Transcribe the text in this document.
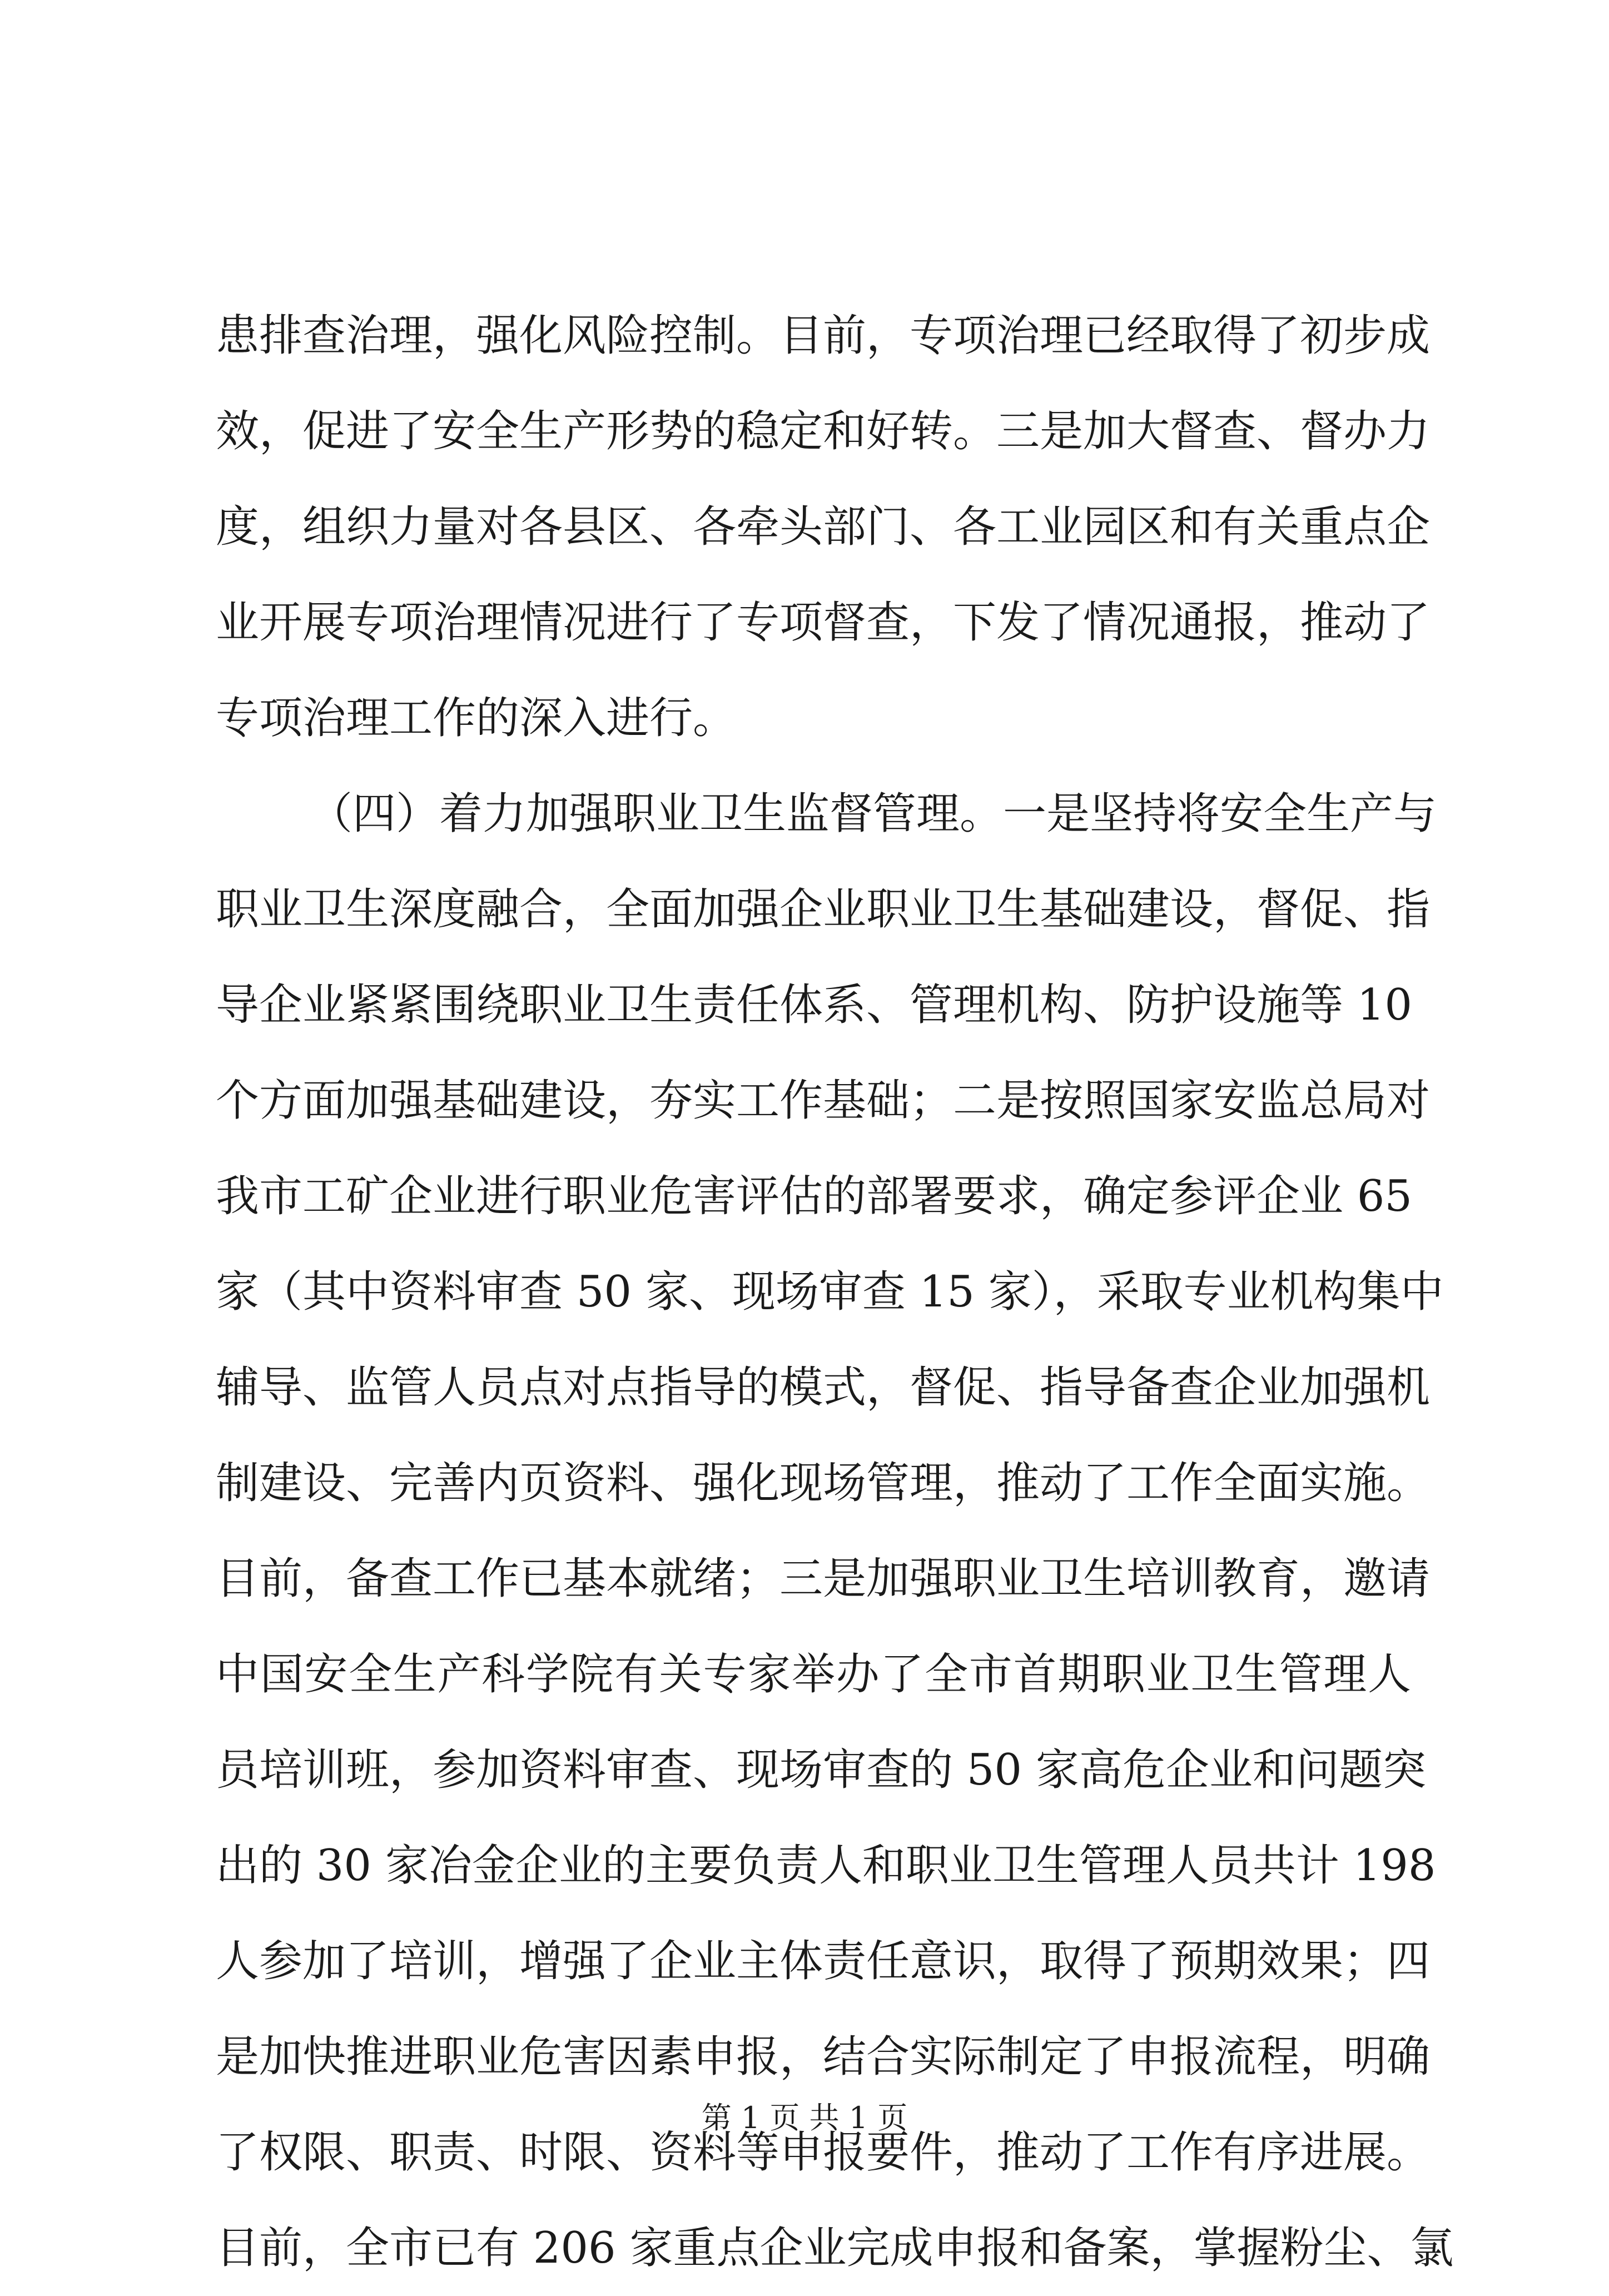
患排查治理，强化风险控制。目前，专项治理已经取得了初步成
效，促进了安全生产形势的稳定和好转。三是加大督查、督办力
度，组织力量对各县区、各牵头部门、各工业园区和有关重点企
业开展专项治理情况进行了专项督查，下发了情况通报，推动了
专项治理工作的深入进行。
（四）着力加强职业卫生监督管理。一是坚持将安全生产与
职业卫生深度融合，全面加强企业职业卫生基础建设，督促、指
导企业紧紧围绕职业卫生责任体系、管理机构、防护设施等 10
个方面加强基础建设，夯实工作基础；二是按照国家安监总局对
我市工矿企业进行职业危害评估的部署要求，确定参评企业 65
家（其中资料审查 50 家、现场审查 15 家），采取专业机构集中
辅导、监管人员点对点指导的模式，督促、指导备查企业加强机
制建设、完善内页资料、强化现场管理，推动了工作全面实施。
目前，备查工作已基本就绪；三是加强职业卫生培训教育，邀请
中国安全生产科学院有关专家举办了全市首期职业卫生管理人
员培训班，参加资料审查、现场审查的 50 家高危企业和问题突
出的 30 家冶金企业的主要负责人和职业卫生管理人员共计 198
人参加了培训，增强了企业主体责任意识，取得了预期效果；四
是加快推进职业危害因素申报，结合实际制定了申报流程，明确
了权限、职责、时限、资料等申报要件，推动了工作有序进展。
目前，全市已有 206 家重点企业完成申报和备案，掌握粉尘、氯
第 1 页 共 1 页
